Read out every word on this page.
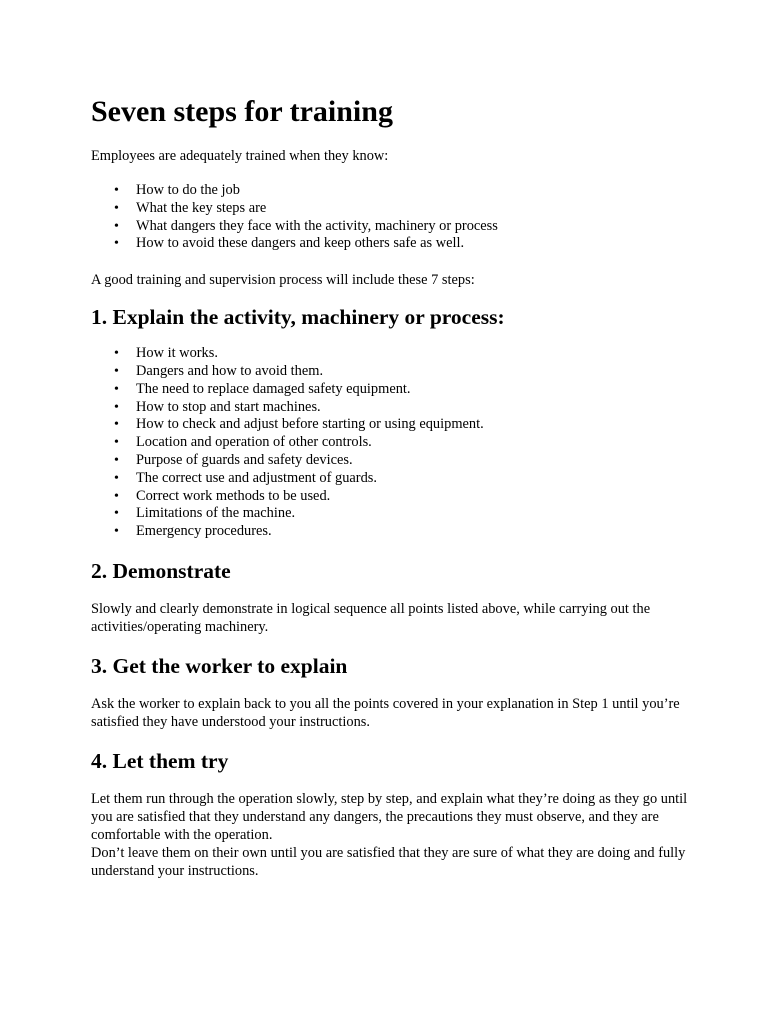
Seven steps for training

Employees are adequately trained when they know:

• How to do the job
• What the key steps are
• What dangers they face with the activity, machinery or process
• How to avoid these dangers and keep others safe as well.

A good training and supervision process will include these 7 steps:

1. Explain the activity, machinery or process:
• How it works.
• Dangers and how to avoid them.
• The need to replace damaged safety equipment.
• How to stop and start machines.
• How to check and adjust before starting or using equipment.
• Location and operation of other controls.
• Purpose of guards and safety devices.
• The correct use and adjustment of guards.
• Correct work methods to be used.
• Limitations of the machine.
• Emergency procedures.
2. Demonstrate

Slowly and clearly demonstrate in logical sequence all points listed above, while carrying out the activities/operating machinery.

3. Get the worker to explain

Ask the worker to explain back to you all the points covered in your explanation in Step 1 until you’re satisfied they have understood your instructions.

4. Let them try

Let them run through the operation slowly, step by step, and explain what they’re doing as they go until you are satisfied that they understand any dangers, the precautions they must observe, and they are comfortable with the operation.

Don’t leave them on their own until you are satisfied that they are sure of what they are doing and fully understand your instructions.
